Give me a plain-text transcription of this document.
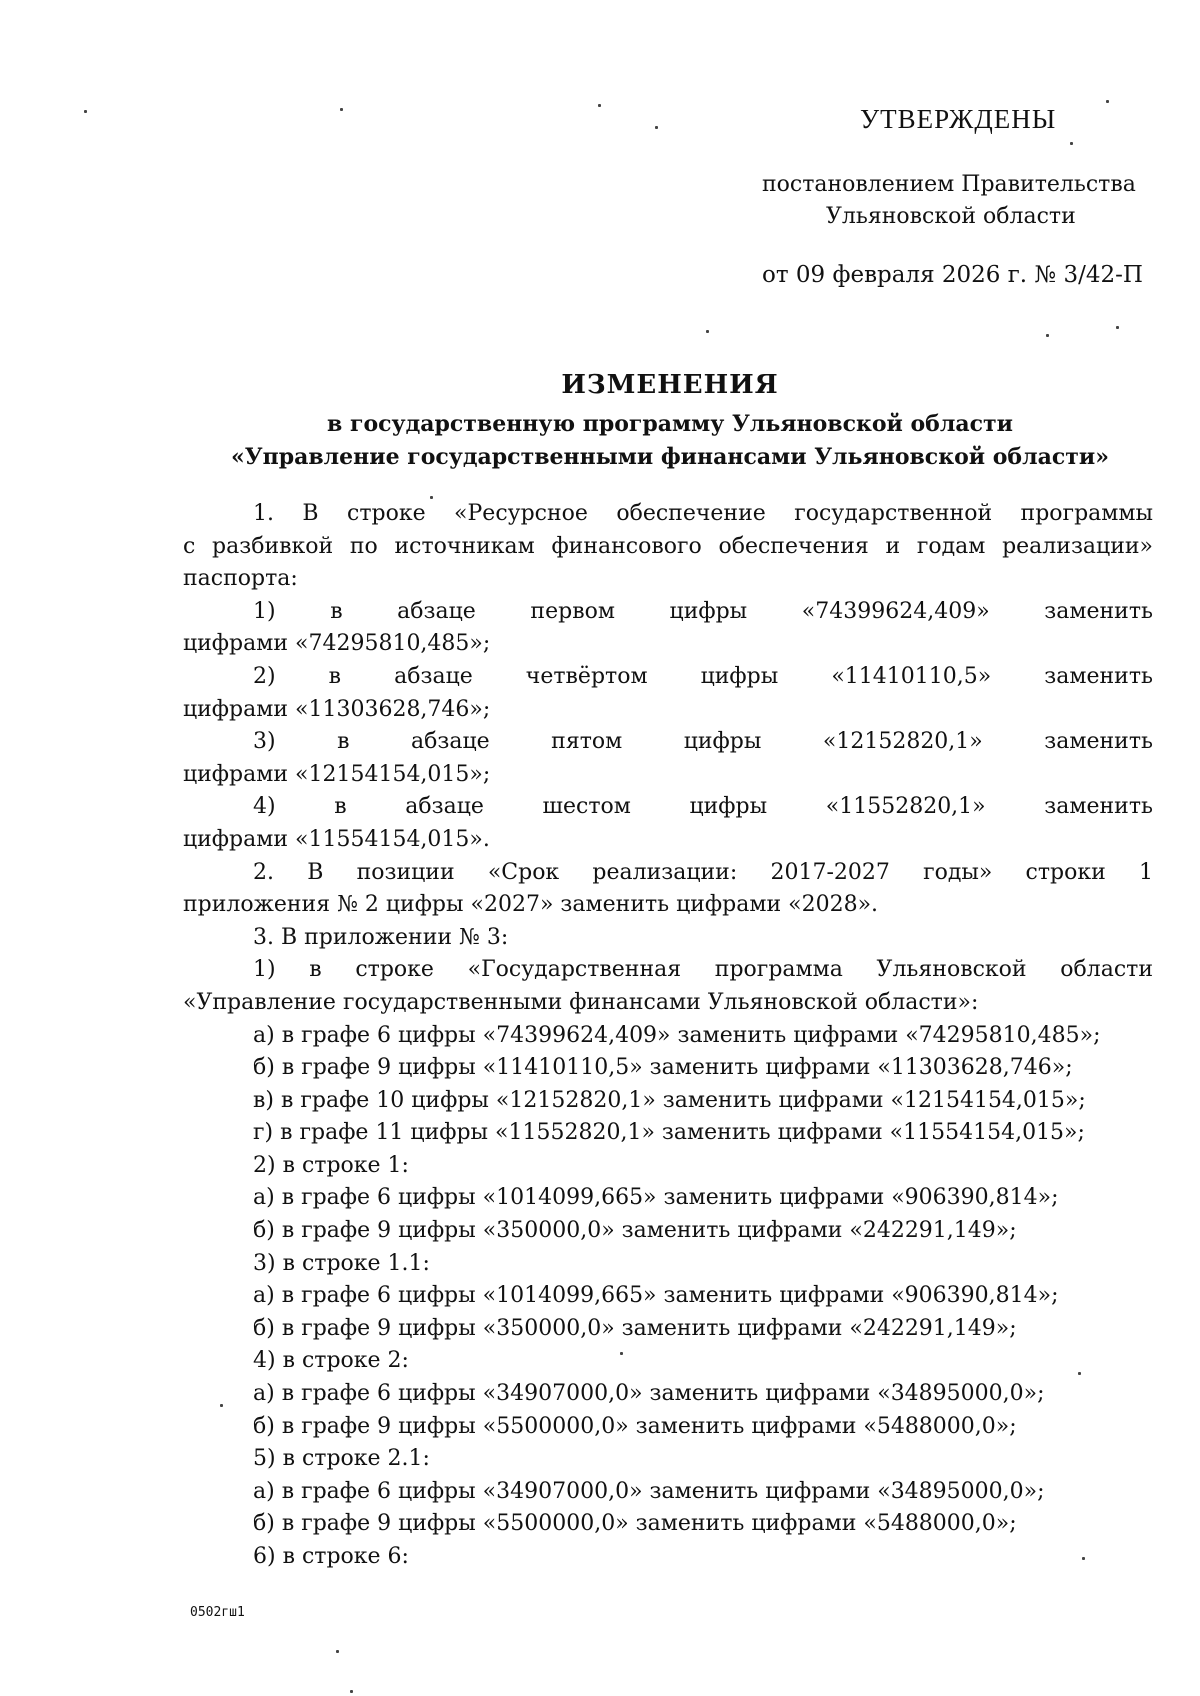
УТВЕРЖДЕНЫ
постановлением Правительства
Ульяновской области
от 09 февраля 2026 г. № 3/42-П
ИЗМЕНЕНИЯ
в государственную программу Ульяновской области
«Управление государственными финансами Ульяновской области»
1. В строке «Ресурсное обеспечение государственной программы
с разбивкой по источникам финансового обеспечения и годам реализации»
паспорта:
1) в абзаце первом цифры «74399624,409» заменить
цифрами «74295810,485»;
2) в абзаце четвёртом цифры «11410110,5» заменить
цифрами «11303628,746»;
3) в абзаце пятом цифры «12152820,1» заменить
цифрами «12154154,015»;
4) в абзаце шестом цифры «11552820,1» заменить
цифрами «11554154,015».
2. В позиции «Срок реализации: 2017-2027 годы» строки 1
приложения № 2 цифры «2027» заменить цифрами «2028».
3. В приложении № 3:
1) в строке «Государственная программа Ульяновской области
«Управление государственными финансами Ульяновской области»:
а) в графе 6 цифры «74399624,409» заменить цифрами «74295810,485»;
б) в графе 9 цифры «11410110,5» заменить цифрами «11303628,746»;
в) в графе 10 цифры «12152820,1» заменить цифрами «12154154,015»;
г) в графе 11 цифры «11552820,1» заменить цифрами «11554154,015»;
2) в строке 1:
а) в графе 6 цифры «1014099,665» заменить цифрами «906390,814»;
б) в графе 9 цифры «350000,0» заменить цифрами «242291,149»;
3) в строке 1.1:
а) в графе 6 цифры «1014099,665» заменить цифрами «906390,814»;
б) в графе 9 цифры «350000,0» заменить цифрами «242291,149»;
4) в строке 2:
а) в графе 6 цифры «34907000,0» заменить цифрами «34895000,0»;
б) в графе 9 цифры «5500000,0» заменить цифрами «5488000,0»;
5) в строке 2.1:
а) в графе 6 цифры «34907000,0» заменить цифрами «34895000,0»;
б) в графе 9 цифры «5500000,0» заменить цифрами «5488000,0»;
6) в строке 6:
0502гш1
